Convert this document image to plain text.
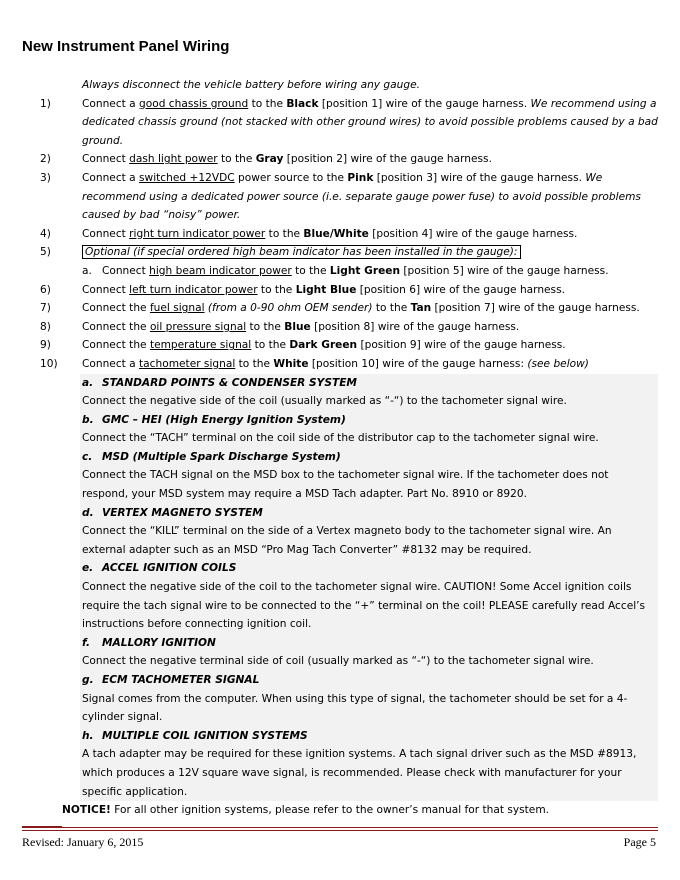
New Instrument Panel Wiring
Always disconnect the vehicle battery before wiring any gauge.
1)	Connect a good chassis ground to the Black [position 1] wire of the gauge harness. We recommend using a dedicated chassis ground (not stacked with other ground wires) to avoid possible problems caused by a bad ground.
2)	Connect dash light power to the Gray [position 2] wire of the gauge harness.
3)	Connect a switched +12VDC power source to the Pink [position 3] wire of the gauge harness. We recommend using a dedicated power source (i.e. separate gauge power fuse) to avoid possible problems caused by bad “noisy” power.
4)	Connect right turn indicator power to the Blue/White [position 4] wire of the gauge harness.
5)	Optional (if special ordered high beam indicator has been installed in the gauge):
a. Connect high beam indicator power to the Light Green [position 5] wire of the gauge harness.
6)	Connect left turn indicator power to the Light Blue [position 6] wire of the gauge harness.
7)	Connect the fuel signal (from a 0-90 ohm OEM sender) to the Tan [position 7] wire of the gauge harness.
8)	Connect the oil pressure signal to the Blue [position 8] wire of the gauge harness.
9)	Connect the temperature signal to the Dark Green [position 9] wire of the gauge harness.
10) Connect a tachometer signal to the White [position 10] wire of the gauge harness: (see below)
a. STANDARD POINTS & CONDENSER SYSTEM
Connect the negative side of the coil (usually marked as “-“) to the tachometer signal wire.
b. GMC – HEI (High Energy Ignition System)
Connect the “TACH” terminal on the coil side of the distributor cap to the tachometer signal wire.
c. MSD (Multiple Spark Discharge System)
Connect the TACH signal on the MSD box to the tachometer signal wire. If the tachometer does not respond, your MSD system may require a MSD Tach adapter. Part No. 8910 or 8920.
d. VERTEX MAGNETO SYSTEM
Connect the “KILL” terminal on the side of a Vertex magneto body to the tachometer signal wire. An external adapter such as an MSD “Pro Mag Tach Converter” #8132 may be required.
e. ACCEL IGNITION COILS
Connect the negative side of the coil to the tachometer signal wire. CAUTION! Some Accel ignition coils require the tach signal wire to be connected to the “+” terminal on the coil! PLEASE carefully read Accel’s instructions before connecting ignition coil.
f. MALLORY IGNITION
Connect the negative terminal side of coil (usually marked as “-“) to the tachometer signal wire.
g. ECM TACHOMETER SIGNAL
Signal comes from the computer. When using this type of signal, the tachometer should be set for a 4-cylinder signal.
h. MULTIPLE COIL IGNITION SYSTEMS
A tach adapter may be required for these ignition systems. A tach signal driver such as the MSD #8913, which produces a 12V square wave signal, is recommended. Please check with manufacturer for your specific application.
NOTICE! For all other ignition systems, please refer to the owner’s manual for that system.
Revised: January 6, 2015	Page 5
